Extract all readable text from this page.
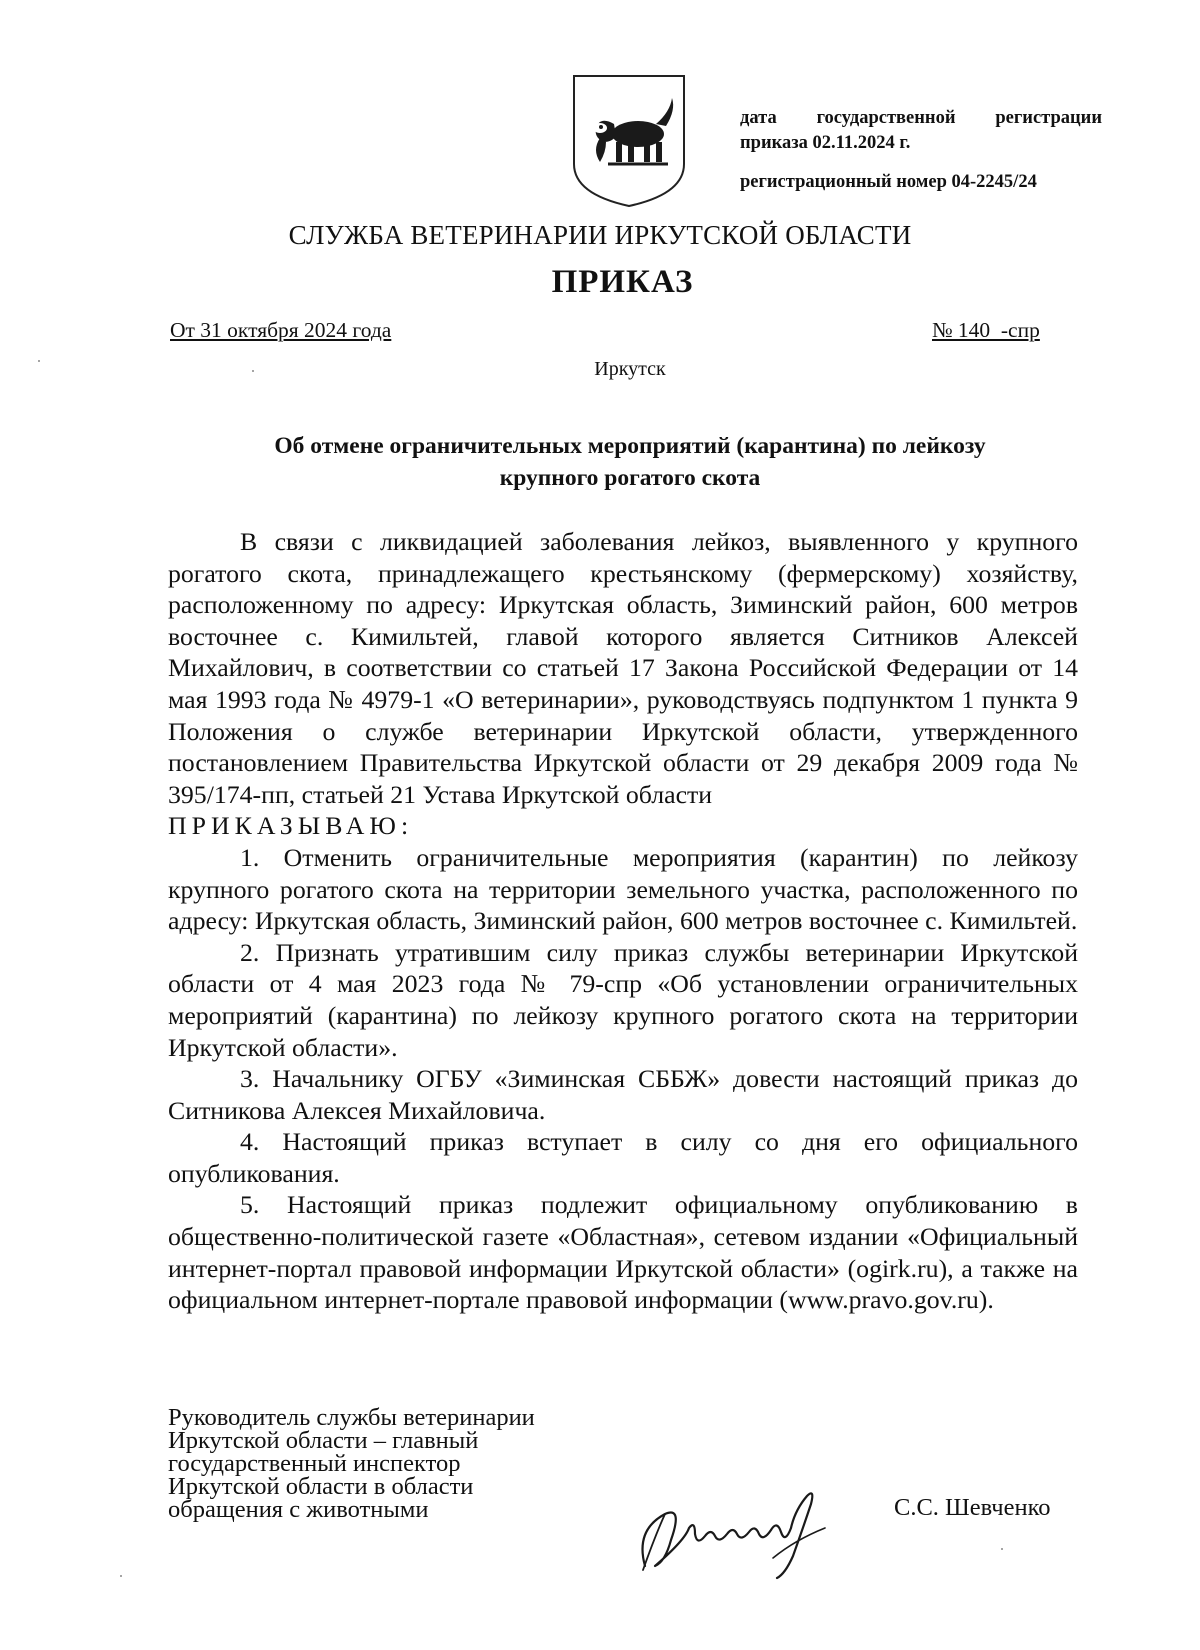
дата государственной регистрации
приказа 02.11.2024 г.
регистрационный номер 04-2245/24
СЛУЖБА ВЕТЕРИНАРИИ ИРКУТСКОЙ ОБЛАСТИ
ПРИКАЗ
От 31 октября 2024 года	№ 140  -спр
Иркутск
Об отмене ограничительных мероприятий (карантина) по лейкозу
крупного рогатого скота

В связи с ликвидацией заболевания лейкоз, выявленного у крупного рогатого скота, принадлежащего крестьянскому (фермерскому) хозяйству, расположенному по адресу: Иркутская область, Зиминский район, 600 метров восточнее с. Кимильтей, главой которого является Ситников Алексей Михайлович, в соответствии со статьей 17 Закона Российской Федерации от 14 мая 1993 года № 4979-1 «О ветеринарии», руководствуясь подпунктом 1 пункта 9 Положения о службе ветеринарии Иркутской области, утвержденного постановлением Правительства Иркутской области от 29 декабря 2009 года № 395/174-пп, статьей 21 Устава Иркутской области

ПРИКАЗЫВАЮ:

1. Отменить ограничительные мероприятия (карантин) по лейкозу крупного рогатого скота на территории земельного участка, расположенного по адресу: Иркутская область, Зиминский район, 600 метров восточнее с. Кимильтей.

2. Признать утратившим силу приказ службы ветеринарии Иркутской области от 4 мая 2023 года № 79-спр «Об установлении ограничительных мероприятий (карантина) по лейкозу крупного рогатого скота на территории Иркутской области».

3. Начальнику ОГБУ «Зиминская СББЖ» довести настоящий приказ до Ситникова Алексея Михайловича.

4. Настоящий приказ вступает в силу со дня его официального опубликования.

5. Настоящий приказ подлежит официальному опубликованию в общественно-политической газете «Областная», сетевом издании «Официальный интернет-портал правовой информации Иркутской области» (ogirk.ru), а также на официальном интернет-портале правовой информации (www.pravo.gov.ru).

Руководитель службы ветеринарии
Иркутской области – главный
государственный инспектор
Иркутской области в области
обращения с животными	С.С. Шевченко
